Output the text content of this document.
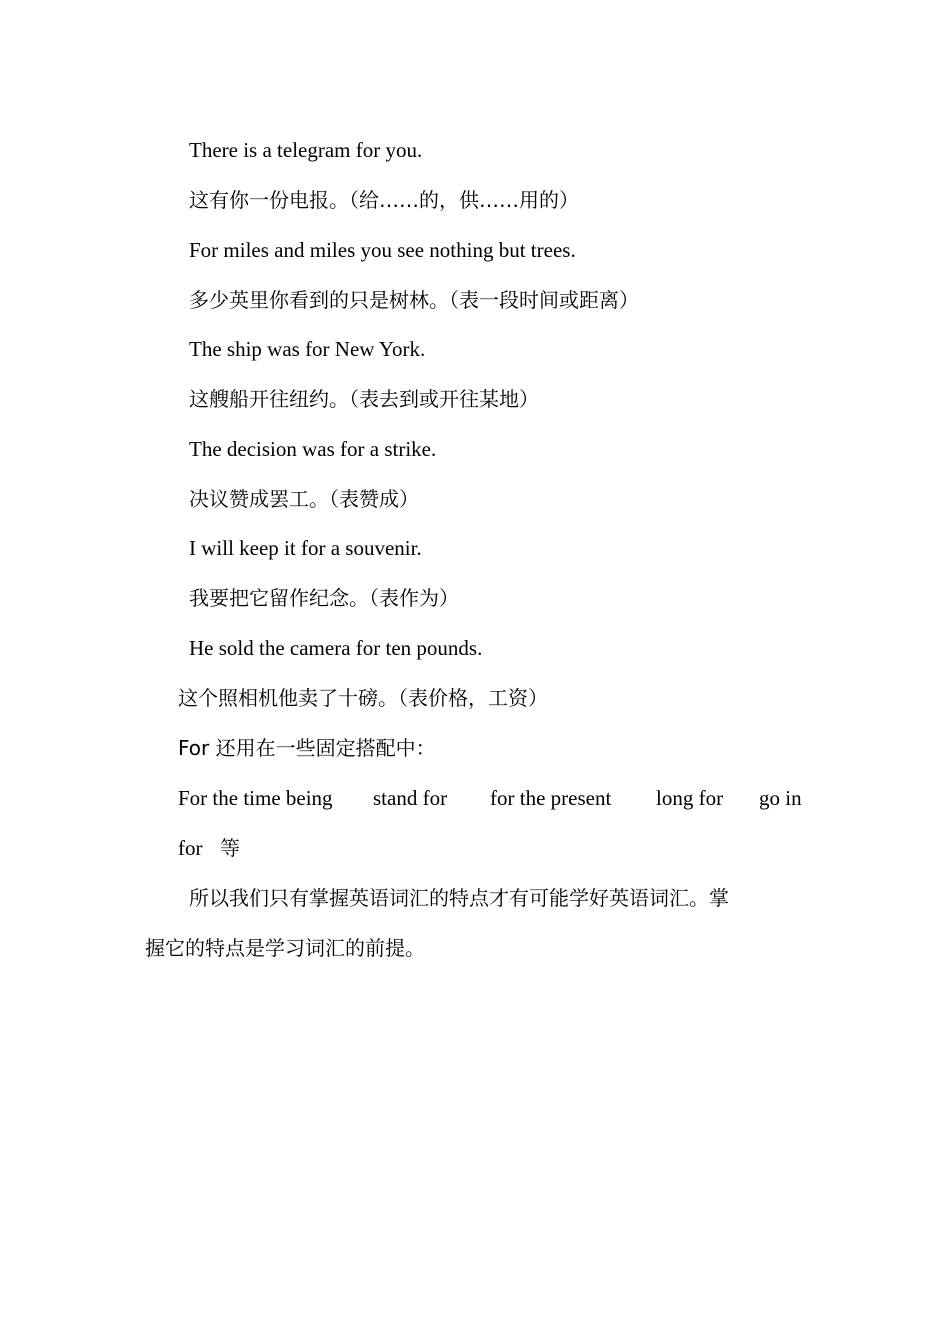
There is a telegram for you.
这有你一份电报。（给……的，供……用的）
For miles and miles you see nothing but trees.
多少英里你看到的只是树林。（表一段时间或距离）
The ship was for New York.
这艘船开往纽约。（表去到或开往某地）
The decision was for a strike.
决议赞成罢工。（表赞成）
I will keep it for a souvenir.
我要把它留作纪念。（表作为）
He sold the camera for ten pounds.
这个照相机他卖了十磅。（表价格，工资）
For 还用在一些固定搭配中：
For the time being stand for for the present long for go in
for 等
所以我们只有掌握英语词汇的特点才有可能学好英语词汇。掌
握它的特点是学习词汇的前提。
